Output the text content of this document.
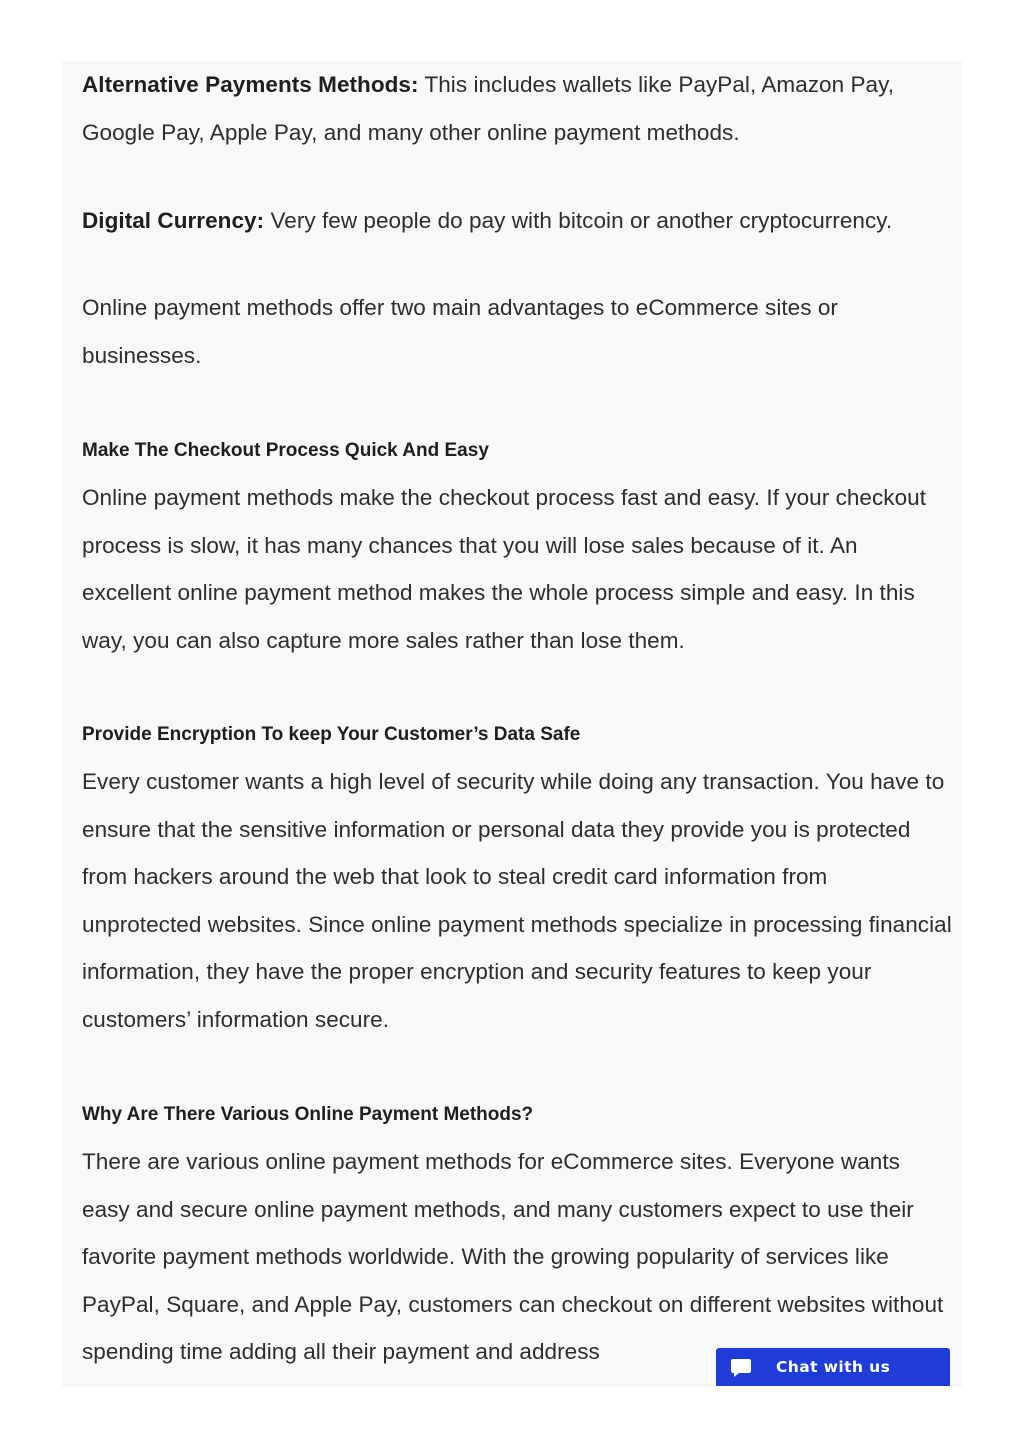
Alternative Payments Methods: This includes wallets like PayPal, Amazon Pay, Google Pay, Apple Pay, and many other online payment methods.

Digital Currency: Very few people do pay with bitcoin or another cryptocurrency.

Online payment methods offer two main advantages to eCommerce sites or businesses.

Make The Checkout Process Quick And Easy

Online payment methods make the checkout process fast and easy. If your checkout process is slow, it has many chances that you will lose sales because of it. An excellent online payment method makes the whole process simple and easy. In this way, you can also capture more sales rather than lose them.

Provide Encryption To keep Your Customer’s Data Safe

Every customer wants a high level of security while doing any transaction. You have to ensure that the sensitive information or personal data they provide you is protected from hackers around the web that look to steal credit card information from unprotected websites. Since online payment methods specialize in processing financial information, they have the proper encryption and security features to keep your customers’ information secure.

Why Are There Various Online Payment Methods?

There are various online payment methods for eCommerce sites. Everyone wants easy and secure online payment methods, and many customers expect to use their favorite payment methods worldwide. With the growing popularity of services like PayPal, Square, and Apple Pay, customers can checkout on different websites without spending time adding all their payment and address

Chat with us
